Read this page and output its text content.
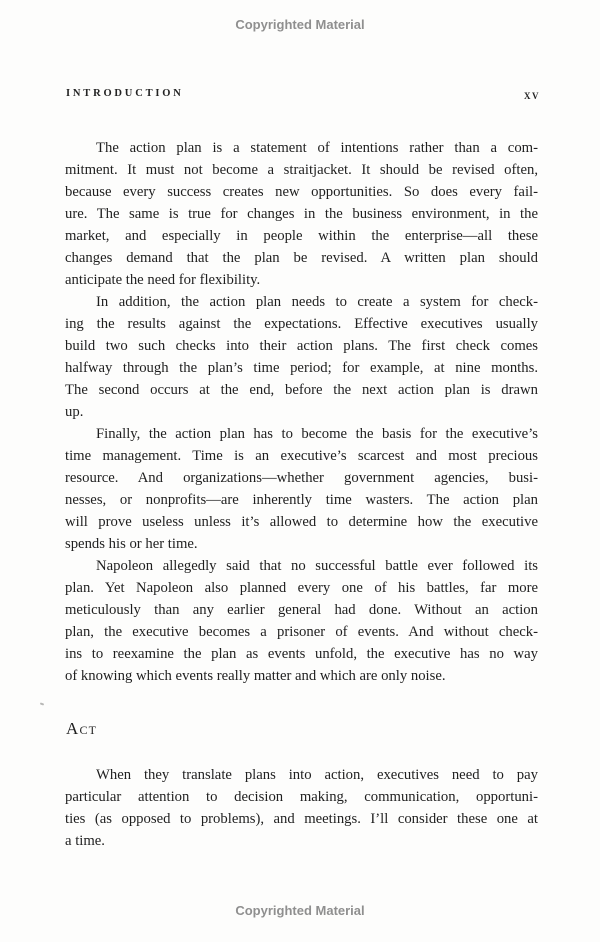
Copyrighted Material
INTRODUCTION	xv
The action plan is a statement of intentions rather than a com-
mitment. It must not become a straitjacket. It should be revised often,
because every success creates new opportunities. So does every fail-
ure. The same is true for changes in the business environment, in the
market, and especially in people within the enterprise—all these
changes demand that the plan be revised. A written plan should
anticipate the need for flexibility.
In addition, the action plan needs to create a system for check-
ing the results against the expectations. Effective executives usually
build two such checks into their action plans. The first check comes
halfway through the plan’s time period; for example, at nine months.
The second occurs at the end, before the next action plan is drawn
up.
Finally, the action plan has to become the basis for the executive’s
time management. Time is an executive’s scarcest and most precious
resource. And organizations—whether government agencies, busi-
nesses, or nonprofits—are inherently time wasters. The action plan
will prove useless unless it’s allowed to determine how the executive
spends his or her time.
Napoleon allegedly said that no successful battle ever followed its
plan. Yet Napoleon also planned every one of his battles, far more
meticulously than any earlier general had done. Without an action
plan, the executive becomes a prisoner of events. And without check-
ins to reexamine the plan as events unfold, the executive has no way
of knowing which events really matter and which are only noise.
Act
When they translate plans into action, executives need to pay
particular attention to decision making, communication, opportuni-
ties (as opposed to problems), and meetings. I’ll consider these one at
a time.
Copyrighted Material
